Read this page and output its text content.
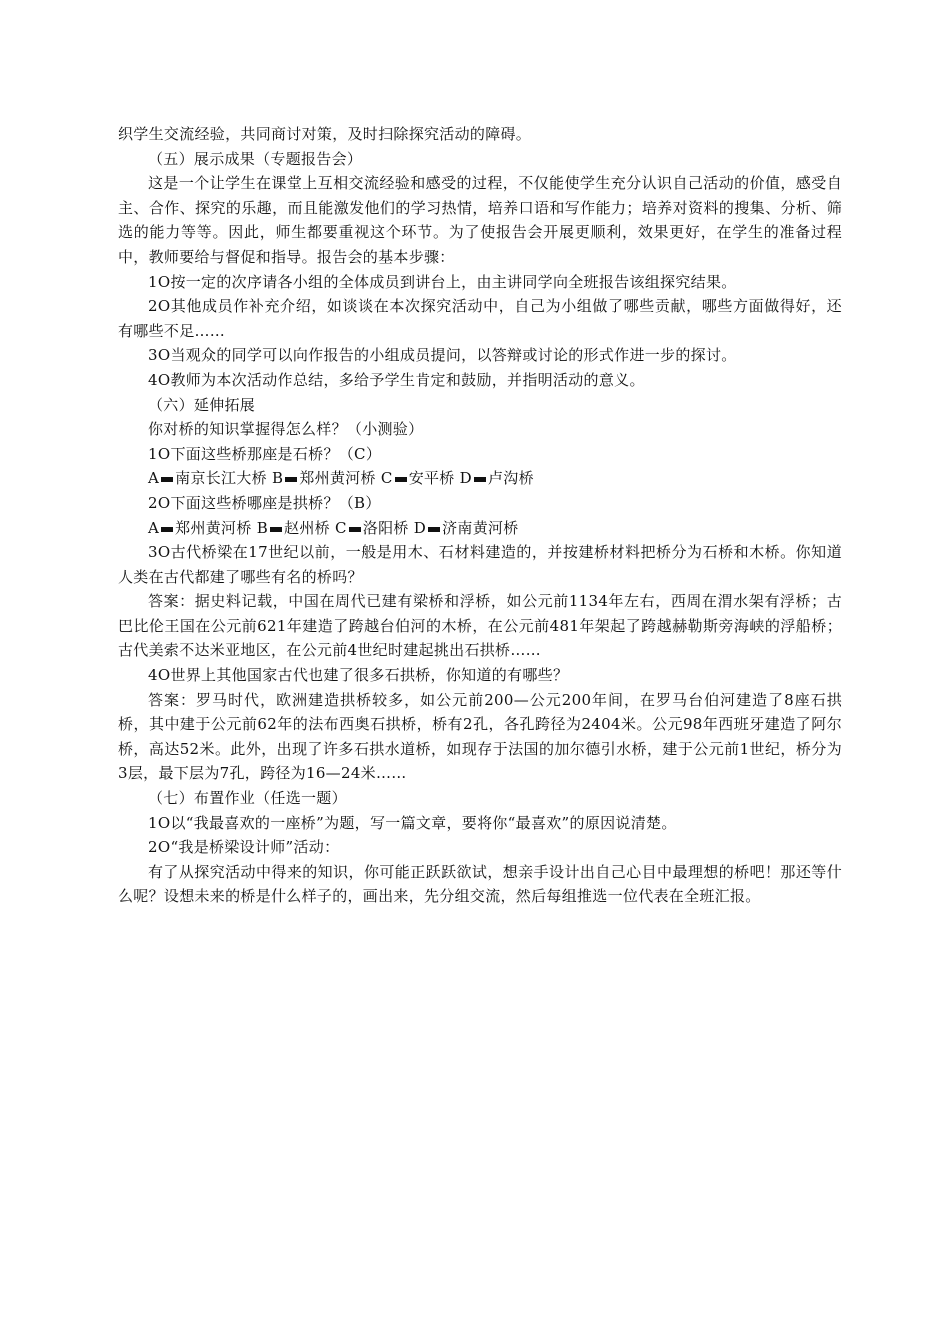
织学生交流经验，共同商讨对策，及时扫除探究活动的障碍。

（五）展示成果（专题报告会）

这是一个让学生在课堂上互相交流经验和感受的过程，不仅能使学生充分认识自己活动的价值，感受自主、合作、探究的乐趣，而且能激发他们的学习热情，培养口语和写作能力；培养对资料的搜集、分析、筛选的能力等等。因此，师生都要重视这个环节。为了使报告会开展更顺利，效果更好，在学生的准备过程中，教师要给与督促和指导。报告会的基本步骤：

1O按一定的次序请各小组的全体成员到讲台上，由主讲同学向全班报告该组探究结果。

2O其他成员作补充介绍，如谈谈在本次探究活动中，自己为小组做了哪些贡献，哪些方面做得好，还有哪些不足……

3O当观众的同学可以向作报告的小组成员提问，以答辩或讨论的形式作进一步的探讨。

4O教师为本次活动作总结，多给予学生肯定和鼓励，并指明活动的意义。

（六）延伸拓展

你对桥的知识掌握得怎么样？（小测验）

1O下面这些桥那座是石桥？（C）

A 南京长江大桥 B 郑州黄河桥 C 安平桥 D 卢沟桥

2O下面这些桥哪座是拱桥？（B）

A 郑州黄河桥 B 赵州桥 C 洛阳桥 D 济南黄河桥

3O古代桥梁在17世纪以前，一般是用木、石材料建造的，并按建桥材料把桥分为石桥和木桥。你知道人类在古代都建了哪些有名的桥吗？

答案：据史料记载，中国在周代已建有梁桥和浮桥，如公元前1134年左右，西周在渭水架有浮桥；古巴比伦王国在公元前621年建造了跨越台伯河的木桥，在公元前481年架起了跨越赫勒斯旁海峡的浮船桥；古代美索不达米亚地区，在公元前4世纪时建起挑出石拱桥……

4O世界上其他国家古代也建了很多石拱桥，你知道的有哪些？

答案：罗马时代，欧洲建造拱桥较多，如公元前200—公元200年间，在罗马台伯河建造了8座石拱桥，其中建于公元前62年的法布西奥石拱桥，桥有2孔，各孔跨径为2404米。公元98年西班牙建造了阿尔桥，高达52米。此外，出现了许多石拱水道桥，如现存于法国的加尔德引水桥，建于公元前1世纪，桥分为3层，最下层为7孔，跨径为16—24米……

（七）布置作业（任选一题）

1O以“我最喜欢的一座桥”为题，写一篇文章，要将你“最喜欢”的原因说清楚。

2O“我是桥梁设计师”活动：

有了从探究活动中得来的知识，你可能正跃跃欲试，想亲手设计出自己心目中最理想的桥吧！那还等什么呢？设想未来的桥是什么样子的，画出来，先分组交流，然后每组推选一位代表在全班汇报。
